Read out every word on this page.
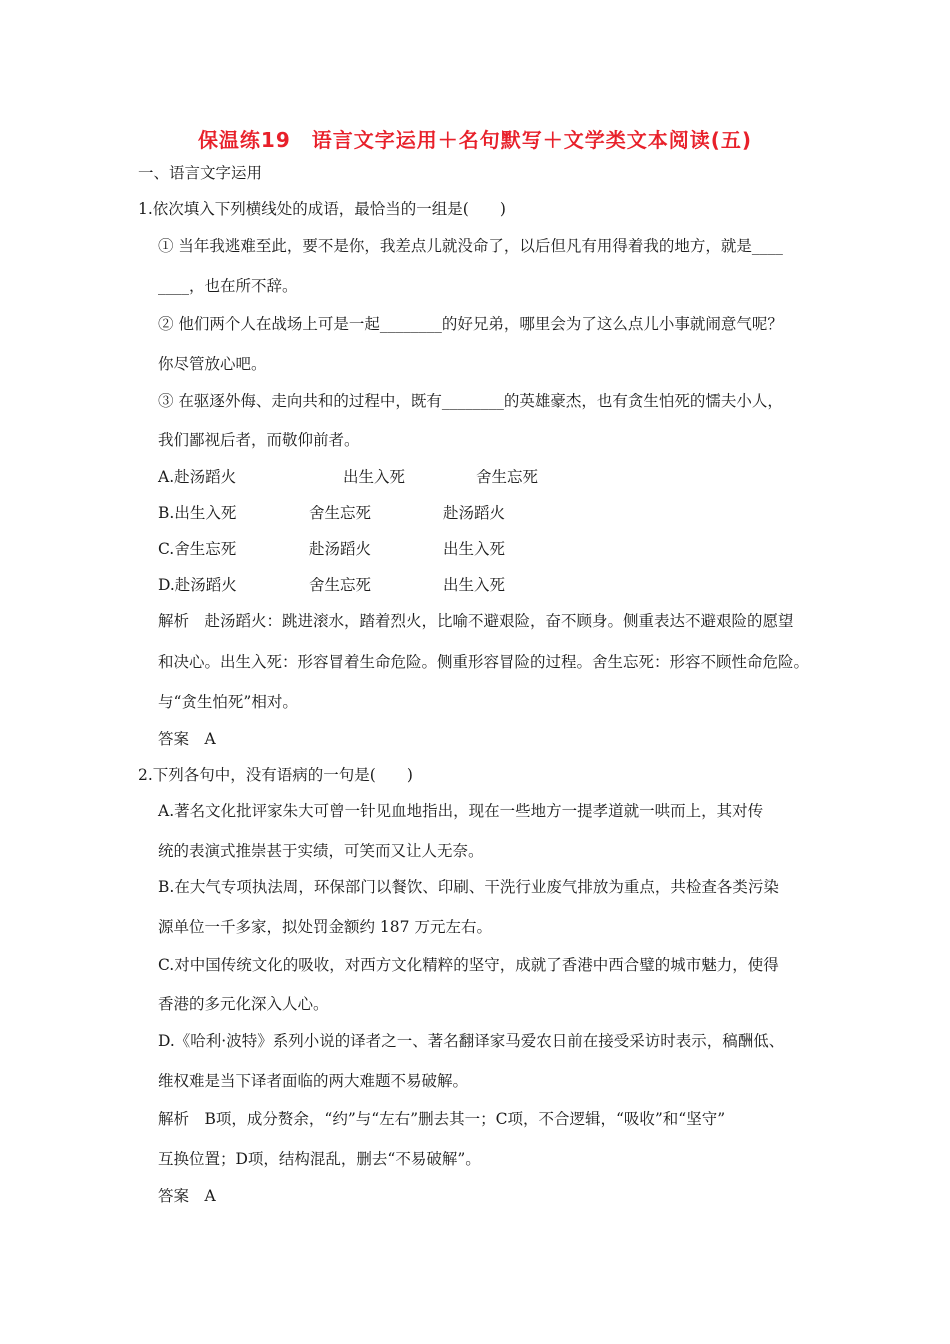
保温练19　语言文字运用＋名句默写＋文学类文本阅读(五)
一、语言文字运用
1.依次填入下列横线处的成语，最恰当的一组是(　　)
① 当年我逃难至此，要不是你，我差点儿就没命了，以后但凡有用得着我的地方，就是____
____，也在所不辞。
② 他们两个人在战场上可是一起________的好兄弟，哪里会为了这么点儿小事就闹意气呢？
你尽管放心吧。
③ 在驱逐外侮、走向共和的过程中，既有________的英雄豪杰，也有贪生怕死的懦夫小人，
我们鄙视后者，而敬仰前者。
A.赴汤蹈火	出生入死	舍生忘死
B.出生入死	舍生忘死	赴汤蹈火
C.舍生忘死	赴汤蹈火	出生入死
D.赴汤蹈火	舍生忘死	出生入死
解析　赴汤蹈火：跳进滚水，踏着烈火，比喻不避艰险，奋不顾身。侧重表达不避艰险的愿望
和决心。出生入死：形容冒着生命危险。侧重形容冒险的过程。舍生忘死：形容不顾性命危险。
与“贪生怕死”相对。
答案　A
2.下列各句中，没有语病的一句是(　　)
A.著名文化批评家朱大可曾一针见血地指出，现在一些地方一提孝道就一哄而上，其对传
统的表演式推崇甚于实绩，可笑而又让人无奈。
B.在大气专项执法周，环保部门以餐饮、印刷、干洗行业废气排放为重点，共检查各类污染
源单位一千多家，拟处罚金额约 187 万元左右。
C.对中国传统文化的吸收，对西方文化精粹的坚守，成就了香港中西合璧的城市魅力，使得
香港的多元化深入人心。
D.《哈利·波特》系列小说的译者之一、著名翻译家马爱农日前在接受采访时表示，稿酬低、
维权难是当下译者面临的两大难题不易破解。
解析　B项，成分赘余，“约”与“左右”删去其一；C项，不合逻辑，“吸收”和“坚守”
互换位置；D项，结构混乱，删去“不易破解”。
答案　A
